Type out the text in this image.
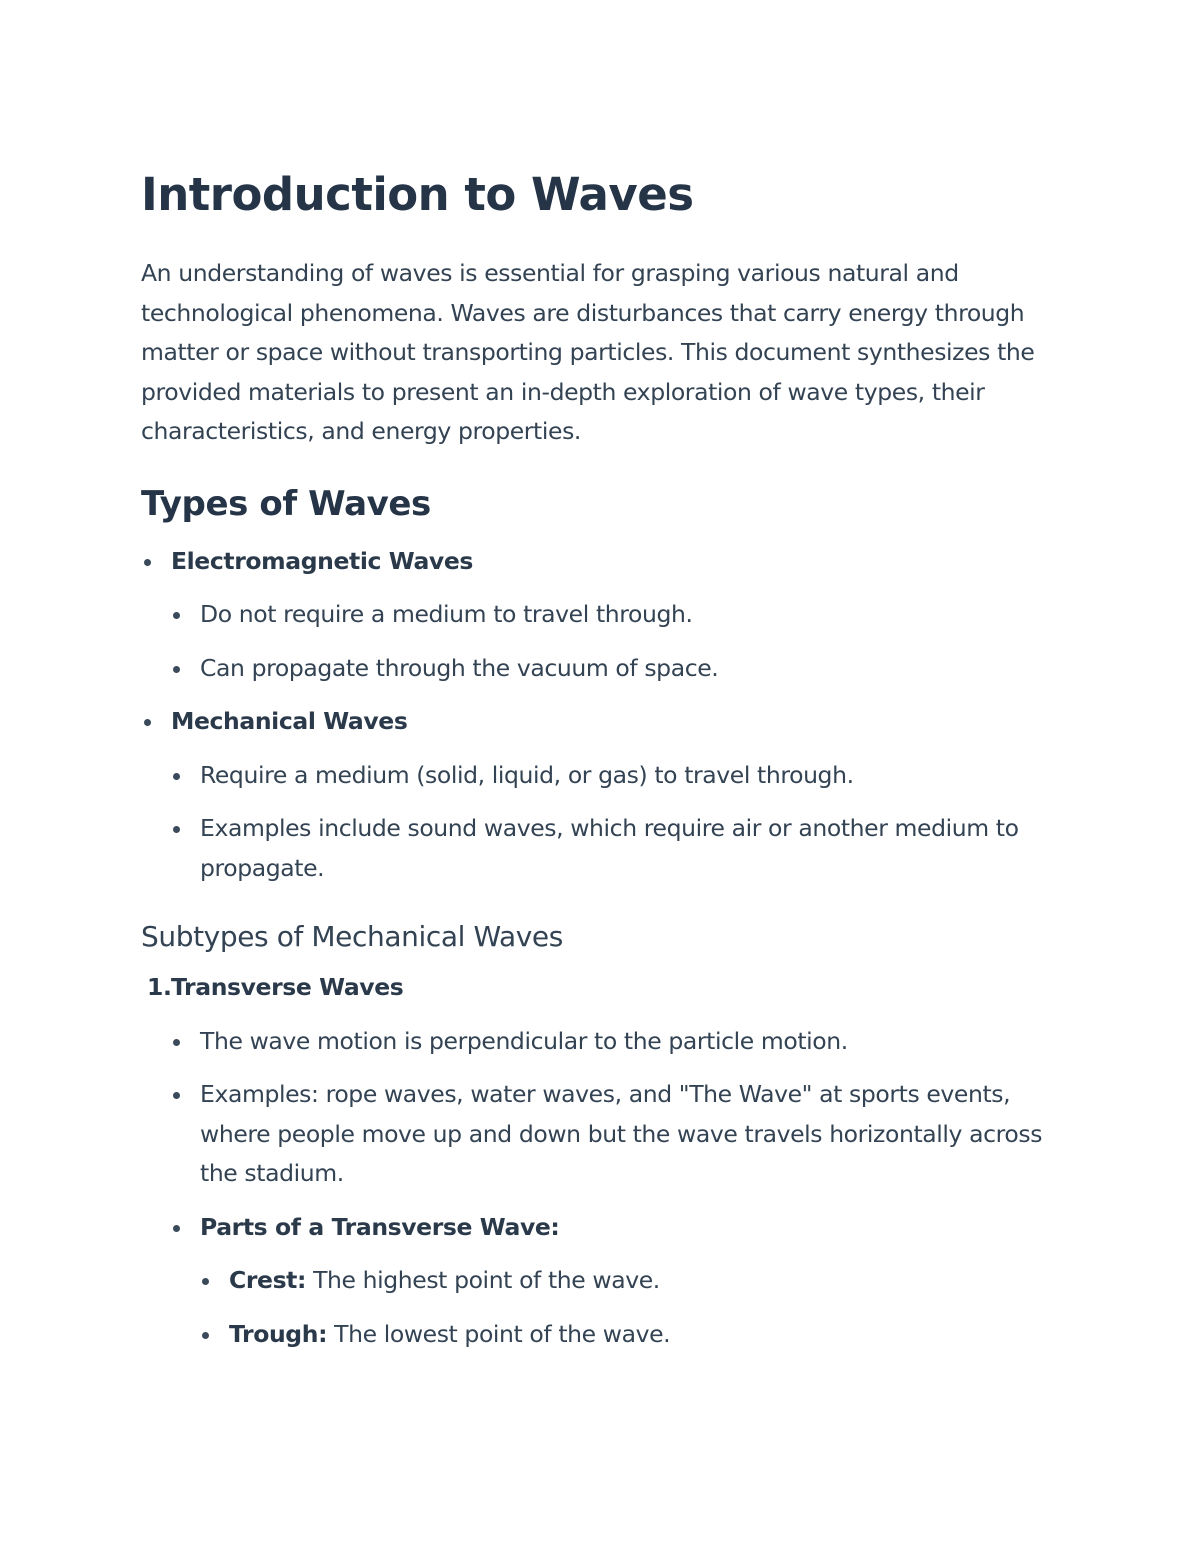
Introduction to Waves

An understanding of waves is essential for grasping various natural and technological phenomena. Waves are disturbances that carry energy through matter or space without transporting particles. This document synthesizes the provided materials to present an in-depth exploration of wave types, their characteristics, and energy properties.

Types of Waves
Electromagnetic Waves
Do not require a medium to travel through.
Can propagate through the vacuum of space.
Mechanical Waves
Require a medium (solid, liquid, or gas) to travel through.
Examples include sound waves, which require air or another medium to propagate.
Subtypes of Mechanical Waves
1. Transverse Waves
The wave motion is perpendicular to the particle motion.
Examples: rope waves, water waves, and "The Wave" at sports events, where people move up and down but the wave travels horizontally across the stadium.
Parts of a Transverse Wave:
Crest: The highest point of the wave.
Trough: The lowest point of the wave.
